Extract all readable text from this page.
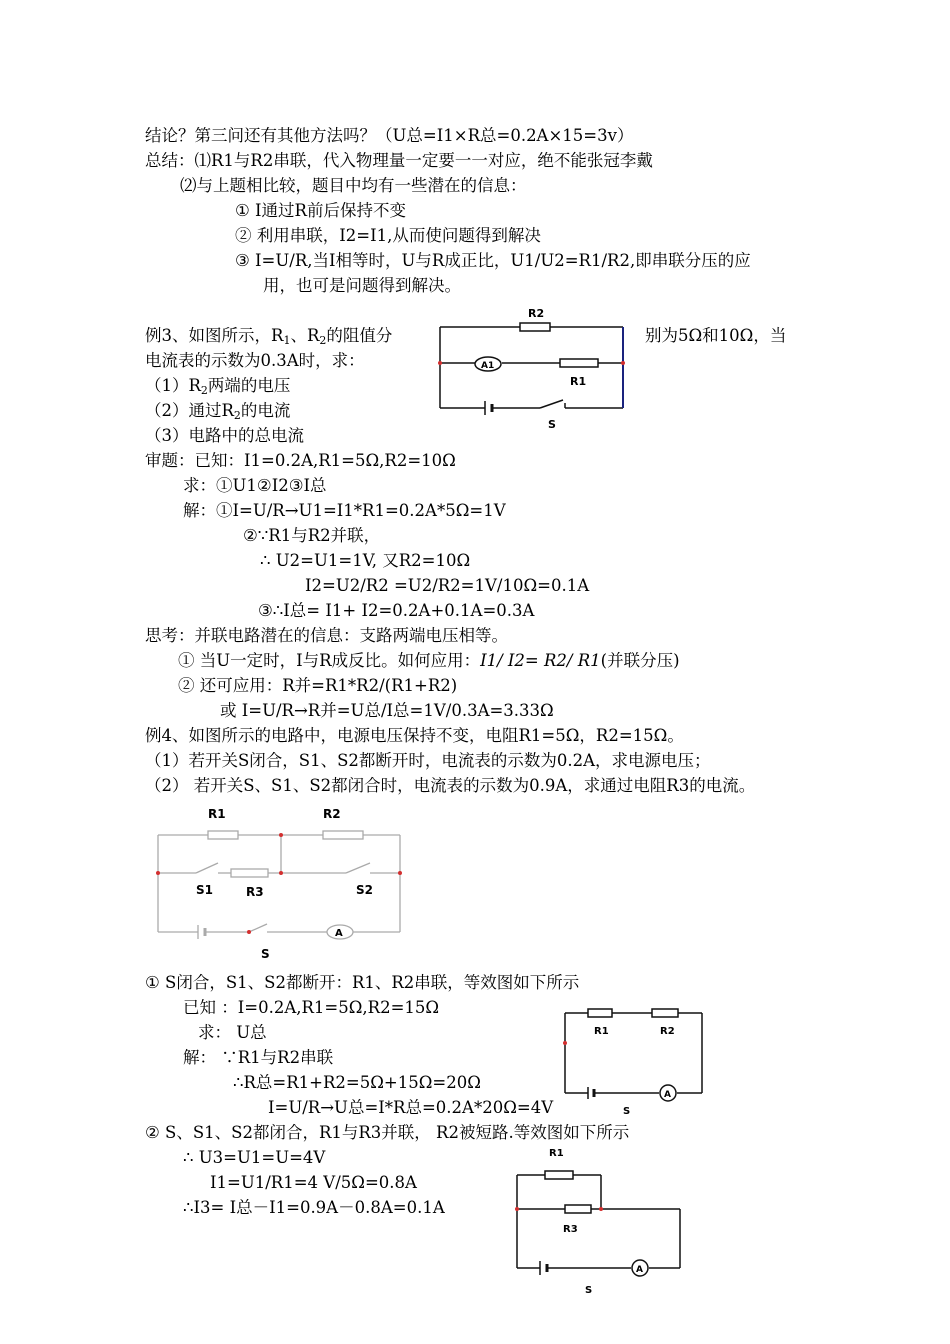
结论？第三问还有其他方法吗？（U总=I1×R总=0.2A×15=3v）
总结：⑴R1与R2串联，代入物理量一定要一一对应，绝不能张冠李戴
⑵与上题相比较，题目中均有一些潜在的信息：
① I通过R前后保持不变
② 利用串联，I2=I1,从而使问题得到解决
③ I=U/R,当I相等时，U与R成正比，U1/U2=R1/R2,即串联分压的应
用，也可是问题得到解决。
例3、如图所示，$R_1$、$R_2$的阻值分	别为5Ω和10Ω，当
电流表的示数为0.3A时，求：
$(1)R_2$两端的电压
（2）通过$R_2$的电流
（3）电路中的总电流
审题：已知：I1=0.2A,R1=5Ω,R2=10Ω
求：①U1②I2③I总
解：①I=U/R→U1=I1*R1=0.2A*5Ω=1V
②∵R1与R2并联，
∴ U2=U1=1V, 又R2=10Ω
I2=U2/R2 =U2/R2=1V/10Ω=0.1A
③∴I总= I1+ I2=0.2A+0.1A=0.3A
思考：并联电路潜在的信息：支路两端电压相等。
① 当U一定时，I与R成反比。如何应用：I1/ I2= R2/ R1(并联分压)
② 还可应用：R并=R1*R2/(R1+R2)
或 I=U/R→R并=U总/I总=1V/0.3A=3.33Ω
R2
A1
R1
S
例4、如图所示的电路中，电源电压保持不变，电阻R1=5Ω，R2=15Ω。
（1）若开关S闭合，S1、S2都断开时，电流表的示数为0.2A，求电源电压；
（2） 若开关S、S1、S2都闭合时，电流表的示数为0.9A，求通过电阻R3的电流。
R1	R2
S1	R3	S2
A
S
① S闭合，S1、S2都断开：R1、R2串联，等效图如下所示
已知 ：I=0.2A,R1=5Ω,R2=15Ω
求： U总
解： ∵R1与R2串联
∴R总=R1+R2=5Ω+15Ω=20Ω
I=U/R→U总=I*R总=0.2A*20Ω=4V
R1	R2
A
S
② S、S1、S2都闭合，R1与R3并联， R2被短路.等效图如下所示
∴ U3=U1=U=4V
I1=U1/R1=4 V/5Ω=0.8A
∴I3= I总－I1=0.9A－0.8A=0.1A
R1
R3
A
S
